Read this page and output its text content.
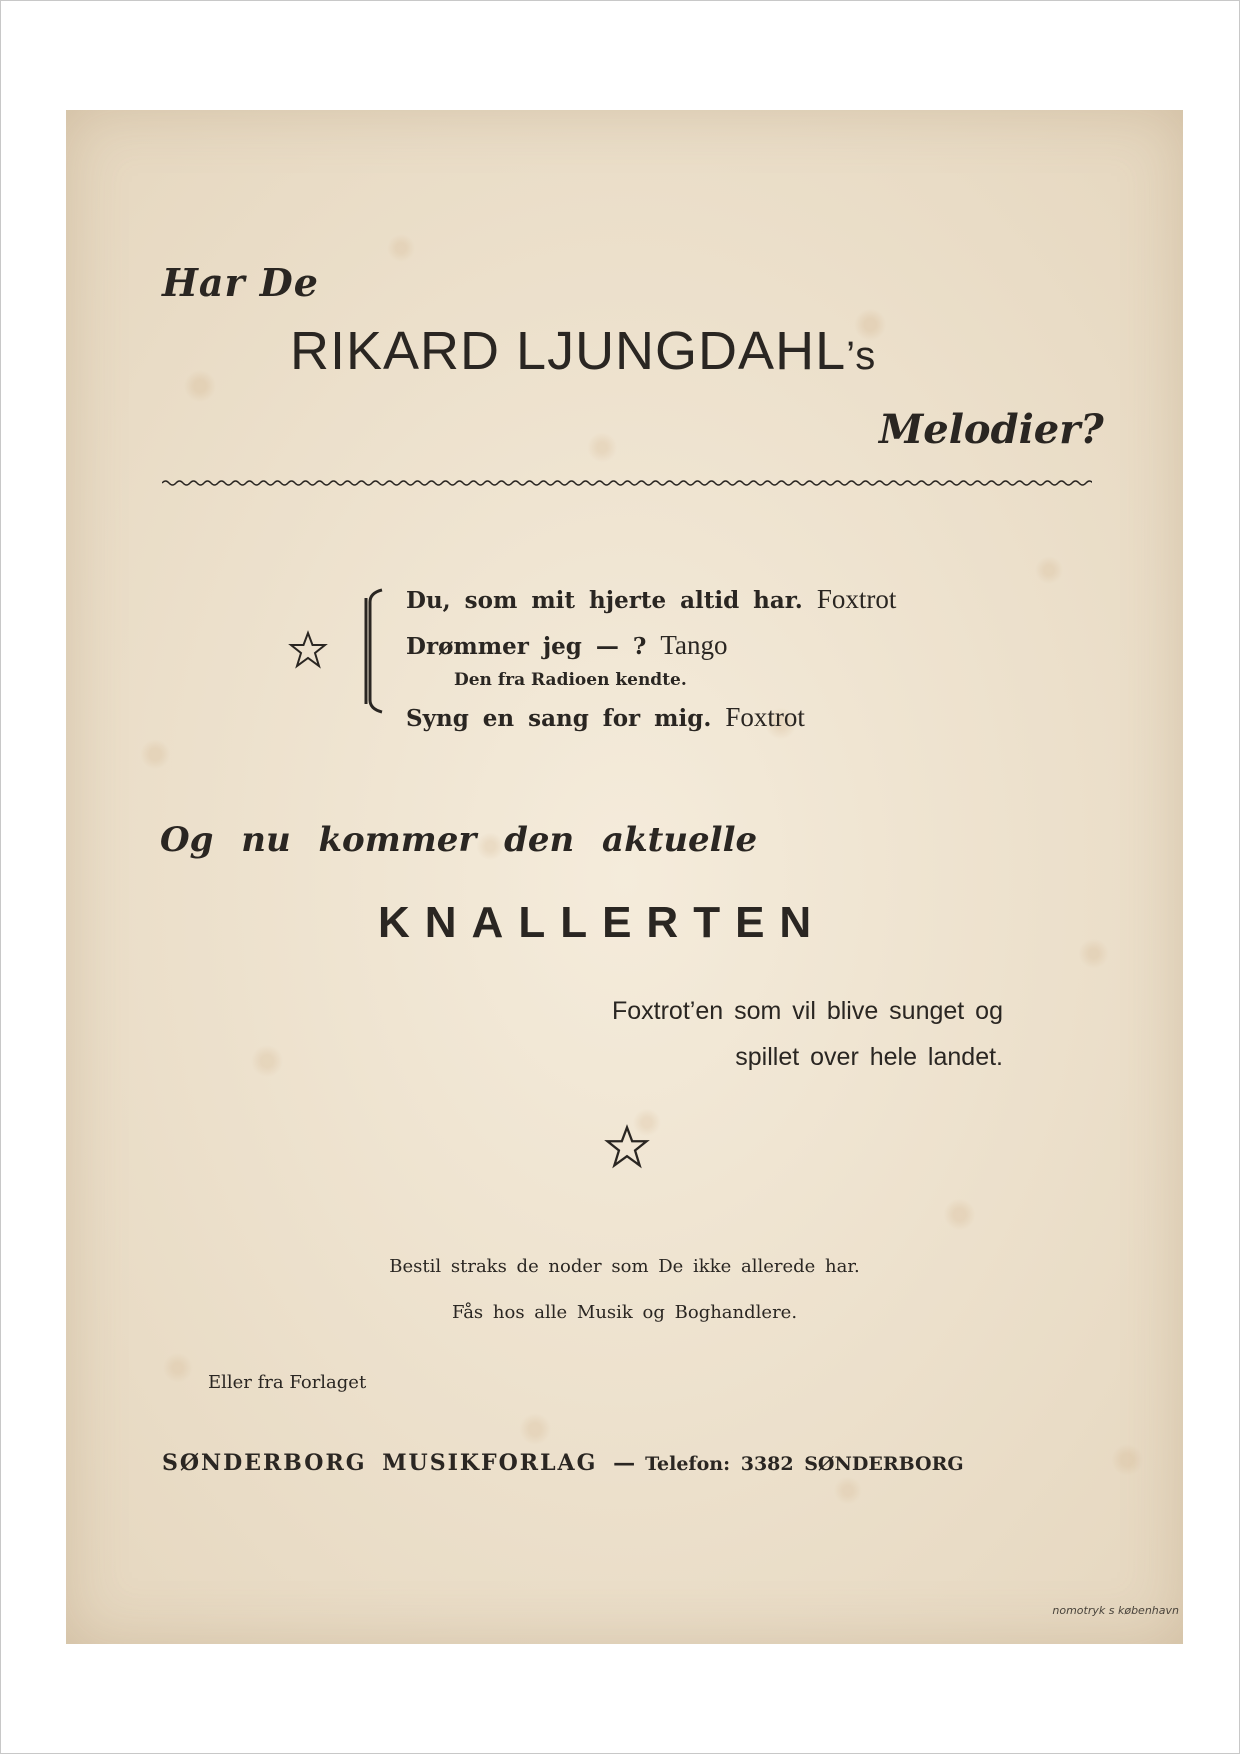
Har De
RIKARD LJUNGDAHL’s
Melodier?
Du, som mit hjerte altid har. Foxtrot
Drømmer jeg — ? Tango
Den fra Radioen kendte.
Syng en sang for mig. Foxtrot
Og nu kommer den aktuelle
KNALLERTEN
Foxtrot’en som vil blive sunget og
spillet over hele landet.
Bestil straks de noder som De ikke allerede har.
Fås hos alle Musik og Boghandlere.
Eller fra Forlaget
SØNDERBORG MUSIKFORLAG — Telefon: 3382 SØNDERBORG
nomotryk s københavn
